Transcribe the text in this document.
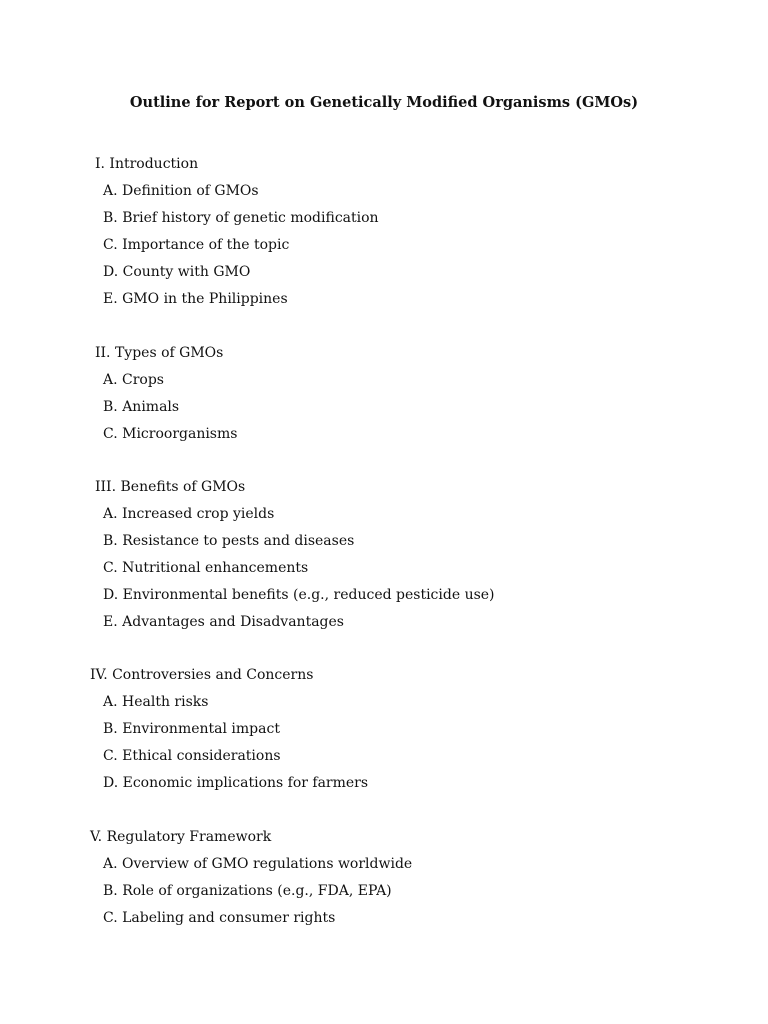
Outline for Report on Genetically Modified Organisms (GMOs)
I. Introduction
A. Definition of GMOs
B. Brief history of genetic modification
C. Importance of the topic
D. County with GMO
E. GMO in the Philippines
II. Types of GMOs
A. Crops
B. Animals
C. Microorganisms
III. Benefits of GMOs
A. Increased crop yields
B. Resistance to pests and diseases
C. Nutritional enhancements
D. Environmental benefits (e.g., reduced pesticide use)
E. Advantages and Disadvantages
IV. Controversies and Concerns
A. Health risks
B. Environmental impact
C. Ethical considerations
D. Economic implications for farmers
V. Regulatory Framework
A. Overview of GMO regulations worldwide
B. Role of organizations (e.g., FDA, EPA)
C. Labeling and consumer rights
